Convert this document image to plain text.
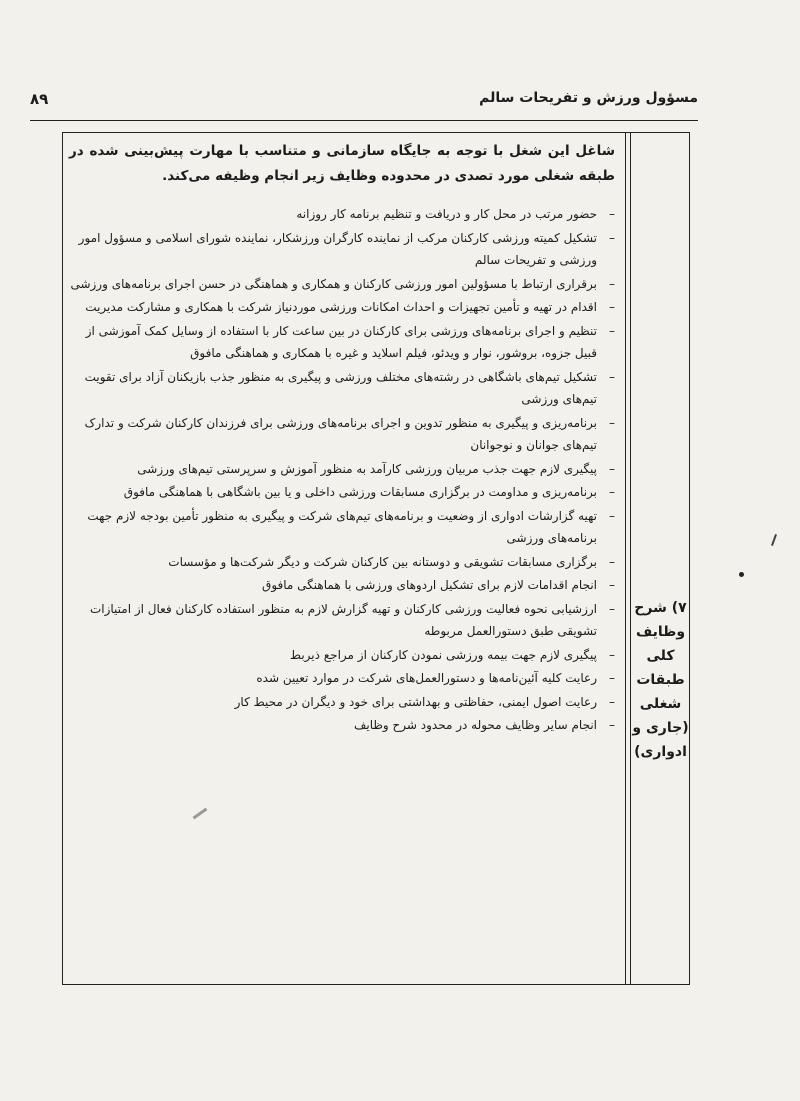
مسؤول ورزش و تفریحات سالم
۸۹
۷) شرح
وظایف
کلی
طبقات
شغلی
(جاری و
ادواری)

شاغل این شغل با توجه به جایگاه سازمانی و متناسب با مهارت پیش‌بینی شده در طبقه شغلی مورد تصدی در محدوده وظایف زیر انجام وظیفه می‌کند.

–
حضور مرتب در محل کار و دریافت و تنظیم برنامه کار روزانه
–
تشکیل کمیته ورزشی کارکنان مرکب از نماینده کارگران ورزشکار، نماینده شورای اسلامی و مسؤول امور ورزشی و تفریحات سالم
–
برقراری ارتباط با مسؤولین امور ورزشی کارکنان و همکاری و هماهنگی در حسن اجرای برنامه‌های ورزشی
–
اقدام در تهیه و تأمین تجهیزات و احداث امکانات ورزشی موردنیاز شرکت با همکاری و مشارکت مدیریت
–
تنظیم و اجرای برنامه‌های ورزشی برای کارکنان در بین ساعت کار با استفاده از وسایل کمک آموزشی از قبیل جزوه، بروشور، نوار و ویدئو، فیلم اسلاید و غیره با همکاری و هماهنگی مافوق
–
تشکیل تیم‌های باشگاهی در رشته‌های مختلف ورزشی و پیگیری به منظور جذب بازیکنان آزاد برای تقویت تیم‌های ورزشی
–
برنامه‌ریزی و پیگیری به منظور تدوین و اجرای برنامه‌های ورزشی برای فرزندان کارکنان شرکت و تدارک تیم‌های جوانان و نوجوانان
–
پیگیری لازم جهت جذب مربیان ورزشی کارآمد به منظور آموزش و سرپرستی تیم‌های ورزشی
–
برنامه‌ریزی و مداومت در برگزاری مسابقات ورزشی داخلی و یا بین باشگاهی با هماهنگی مافوق
–
تهیه گزارشات ادواری از وضعیت و برنامه‌های تیم‌های شرکت و پیگیری به منظور تأمین بودجه لازم جهت برنامه‌های ورزشی
–
برگزاری مسابقات تشویقی و دوستانه بین کارکنان شرکت و دیگر شرکت‌ها و مؤسسات
–
انجام اقدامات لازم برای تشکیل اردوهای ورزشی با هماهنگی مافوق
–
ارزشیابی نحوه فعالیت ورزشی کارکنان و تهیه گزارش لازم به منظور استفاده کارکنان فعال از امتیازات تشویقی طبق دستورالعمل مربوطه
–
پیگیری لازم جهت بیمه ورزشی نمودن کارکنان از مراجع ذیربط
–
رعایت کلیه آئین‌نامه‌ها و دستورالعمل‌های شرکت در موارد تعیین شده
–
رعایت اصول ایمنی، حفاظتی و بهداشتی برای خود و دیگران در محیط کار
–
انجام سایر وظایف محوله در محدود شرح وظایف
